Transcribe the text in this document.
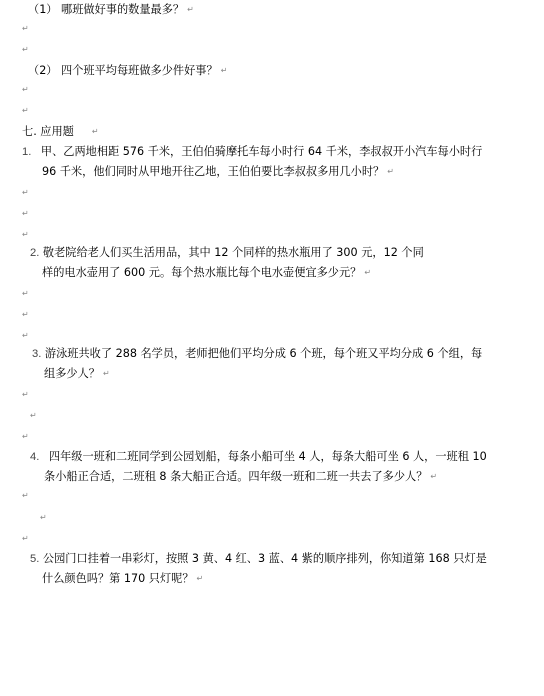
（1） 哪班做好事的数量最多？ ↵
↵
↵
（2） 四个班平均每班做多少件好事？ ↵
↵
↵
七. 应用题 ↵
1. 甲、乙两地相距 576 千米，王伯伯骑摩托车每小时行 64 千米，李叔叔开小汽车每小时行
96 千米，他们同时从甲地开往乙地，王伯伯要比李叔叔多用几小时？ ↵
↵
↵
↵
2. 敬老院给老人们买生活用品，其中 12 个同样的热水瓶用了 300 元，12 个同
样的电水壶用了 600 元。每个热水瓶比每个电水壶便宜多少元？ ↵
↵
↵
↵
3. 游泳班共收了 288 名学员，老师把他们平均分成 6 个班，每个班又平均分成 6 个组，每
组多少人？ ↵
↵
↵
↵
4. 四年级一班和二班同学到公园划船，每条小船可坐 4 人，每条大船可坐 6 人，一班租 10
条小船正合适，二班租 8 条大船正合适。四年级一班和二班一共去了多少人？ ↵
↵
↵
↵
5. 公园门口挂着一串彩灯，按照 3 黄、4 红、3 蓝、4 紫的顺序排列，你知道第 168 只灯是
什么颜色吗？第 170 只灯呢？ ↵
